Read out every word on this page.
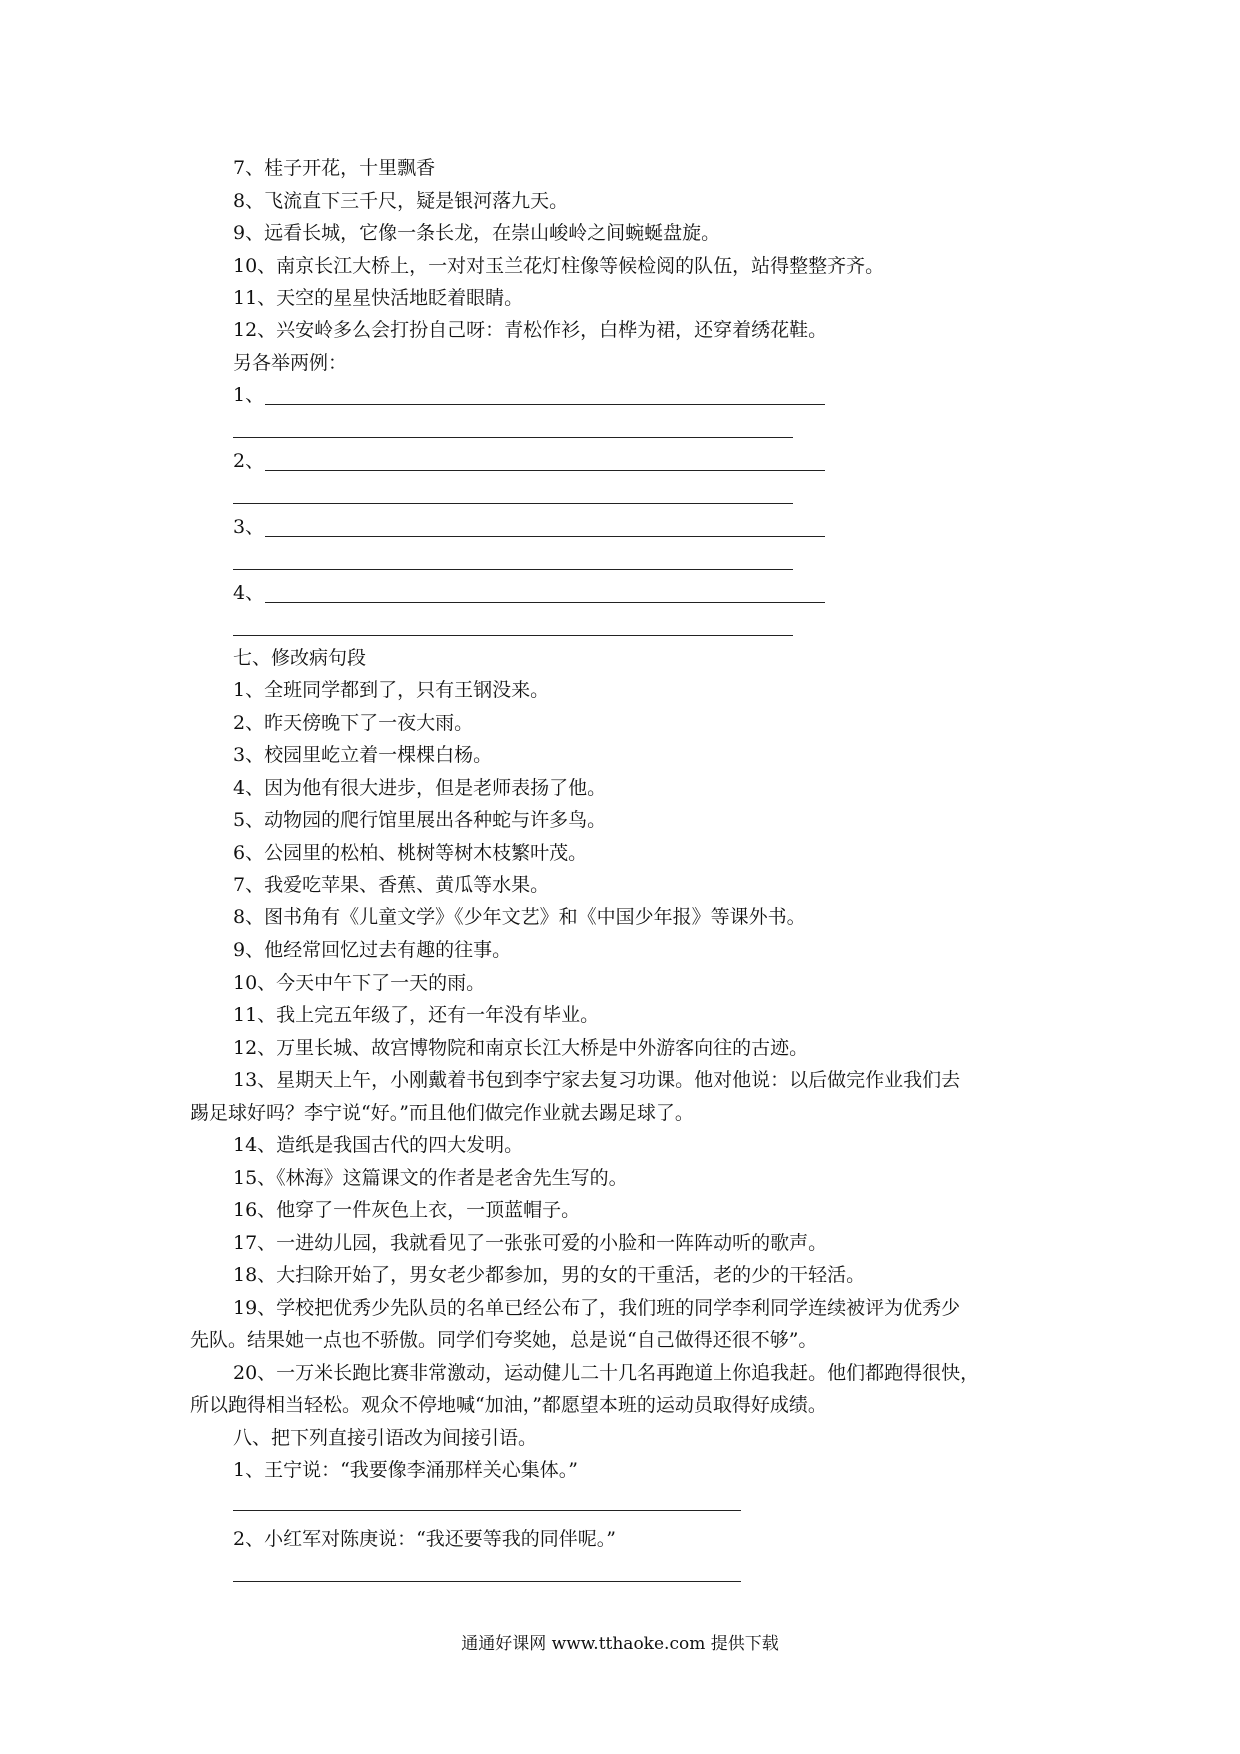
7、桂子开花，十里飘香
8、飞流直下三千尺，疑是银河落九天。
9、远看长城，它像一条长龙，在崇山峻岭之间蜿蜒盘旋。
10、南京长江大桥上，一对对玉兰花灯柱像等候检阅的队伍，站得整整齐齐。
11、天空的星星快活地眨着眼睛。
12、兴安岭多么会打扮自己呀：青松作衫，白桦为裙，还穿着绣花鞋。
另各举两例：
1、
2、
3、
4、
七、修改病句段
1、全班同学都到了，只有王钢没来。
2、昨天傍晚下了一夜大雨。
3、校园里屹立着一棵棵白杨。
4、因为他有很大进步，但是老师表扬了他。
5、动物园的爬行馆里展出各种蛇与许多鸟。
6、公园里的松柏、桃树等树木枝繁叶茂。
7、我爱吃苹果、香蕉、黄瓜等水果。
8、图书角有《儿童文学》《少年文艺》和《中国少年报》等课外书。
9、他经常回忆过去有趣的往事。
10、今天中午下了一天的雨。
11、我上完五年级了，还有一年没有毕业。
12、万里长城、故宫博物院和南京长江大桥是中外游客向往的古迹。
13、星期天上午，小刚戴着书包到李宁家去复习功课。他对他说：以后做完作业我们去
踢足球好吗？李宁说“好。”而且他们做完作业就去踢足球了。
14、造纸是我国古代的四大发明。
15、《林海》这篇课文的作者是老舍先生写的。
16、他穿了一件灰色上衣，一顶蓝帽子。
17、一进幼儿园，我就看见了一张张可爱的小脸和一阵阵动听的歌声。
18、大扫除开始了，男女老少都参加，男的女的干重活，老的少的干轻活。
19、学校把优秀少先队员的名单已经公布了，我们班的同学李利同学连续被评为优秀少
先队。结果她一点也不骄傲。同学们夸奖她，总是说“自己做得还很不够”。
20、一万米长跑比赛非常激动，运动健儿二十几名再跑道上你追我赶。他们都跑得很快，
所以跑得相当轻松。观众不停地喊“加油，”都愿望本班的运动员取得好成绩。
八、把下列直接引语改为间接引语。
1、王宁说：“我要像李涌那样关心集体。”
2、小红军对陈庚说：“我还要等我的同伴呢。”
通通好课网 www.tthaoke.com 提供下载
